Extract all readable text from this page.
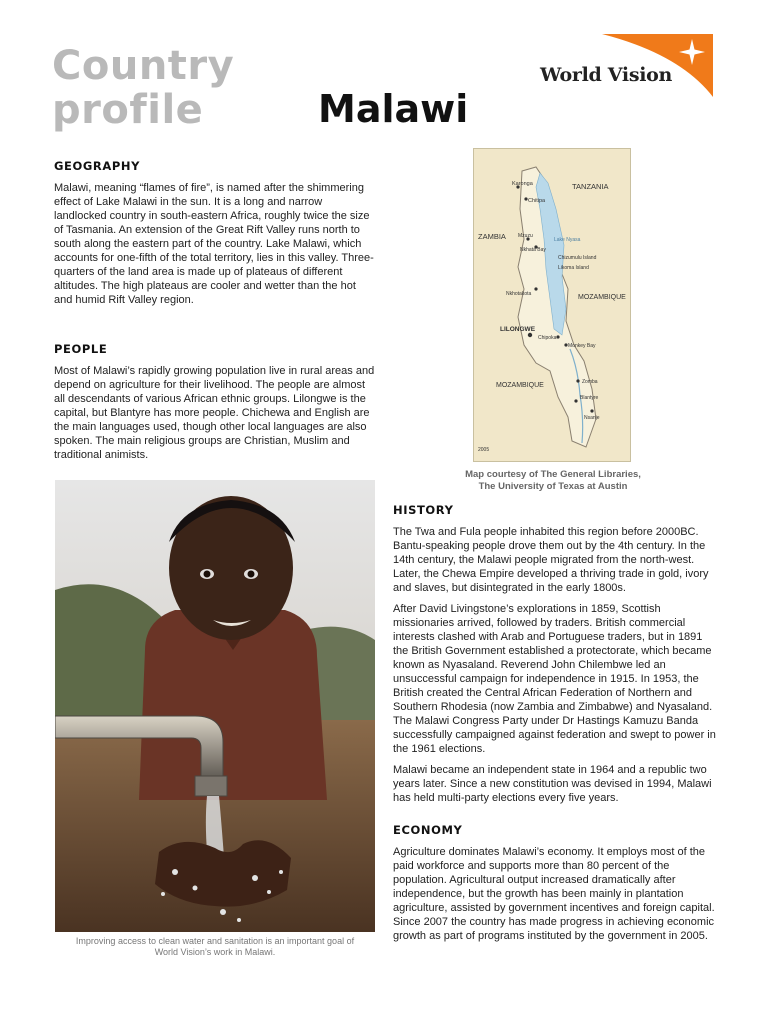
Country
profile	Malawi
World Vision
GEOGRAPHY

Malawi, meaning “flames of fire”, is named after the shimmering effect of Lake Malawi in the sun. It is a long and narrow landlocked country in south-eastern Africa, roughly twice the size of Tasmania. An extension of the Great Rift Valley runs north to south along the eastern part of the country. Lake Malawi, which accounts for one-fifth of the total territory, lies in this valley. Three-quarters of the land area is made up of plateaus of different altitudes. The high plateaus are cooler and wetter than the hot and humid Rift Valley region.

PEOPLE

Most of Malawi’s rapidly growing population live in rural areas and depend on agriculture for their livelihood. The people are almost all descendants of various African ethnic groups. Lilongwe is the capital, but Blantyre has more people. Chichewa and English are the main languages used, though other local languages are also spoken. The main religious groups are Christian, Muslim and traditional animists.

TANZANIA
ZAMBIA
MOZAMBIQUE
MOZAMBIQUE
Karonga
Chitipa
Mzuzu
Nkhata Bay
Lake Nyasa
Chizumulu Island
Likoma Island
Nkhotakota
LILONGWE
Chipoka
Monkey Bay
Zomba
Blantyre
Nsanje
2005
Map courtesy of The General Libraries,
The University of Texas at Austin
Improving access to clean water and sanitation is an important goal of
World Vision’s work in Malawi.
HISTORY

The Twa and Fula people inhabited this region before 2000BC. Bantu-speaking people drove them out by the 4th century. In the 14th century, the Malawi people migrated from the north-west. Later, the Chewa Empire developed a thriving trade in gold, ivory and slaves, but disintegrated in the early 1800s.

After David Livingstone’s explorations in 1859, Scottish missionaries arrived, followed by traders. British commercial interests clashed with Arab and Portuguese traders, but in 1891 the British Government established a protectorate, which became known as Nyasaland. Reverend John Chilembwe led an unsuccessful campaign for independence in 1915. In 1953, the British created the Central African Federation of Northern and Southern Rhodesia (now Zambia and Zimbabwe) and Nyasaland. The Malawi Congress Party under Dr Hastings Kamuzu Banda successfully campaigned against federation and swept to power in the 1961 elections.

Malawi became an independent state in 1964 and a republic two years later. Since a new constitution was devised in 1994, Malawi has held multi-party elections every five years.

ECONOMY

Agriculture dominates Malawi’s economy. It employs most of the paid workforce and supports more than 80 percent of the population. Agricultural output increased dramatically after independence, but the growth has been mainly in plantation agriculture, assisted by government incentives and foreign capital. Since 2007 the country has made progress in achieving economic growth as part of programs instituted by the government in 2005.
